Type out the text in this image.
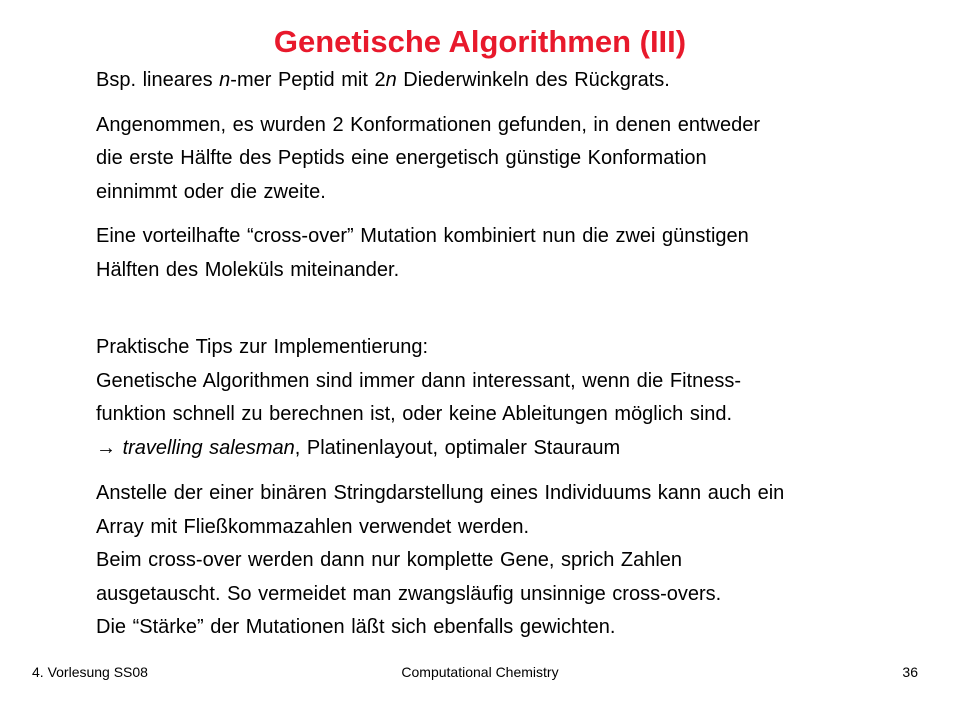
Genetische Algorithmen (III)

Bsp. lineares n-mer Peptid mit 2n Diederwinkeln des Rückgrats.

Angenommen, es wurden 2 Konformationen gefunden, in denen entweder

die erste Hälfte des Peptids eine energetisch günstige Konformation

einnimmt oder die zweite.

Eine vorteilhafte “cross-over” Mutation kombiniert nun die zwei günstigen

Hälften des Moleküls miteinander.

Praktische Tips zur Implementierung:

Genetische Algorithmen sind immer dann interessant, wenn die Fitness-

funktion schnell zu berechnen ist, oder keine Ableitungen möglich sind.

→ travelling salesman, Platinenlayout, optimaler Stauraum

Anstelle der einer binären Stringdarstellung eines Individuums kann auch ein

Array mit Fließkommazahlen verwendet werden.

Beim cross-over werden dann nur komplette Gene, sprich Zahlen

ausgetauscht. So vermeidet man zwangsläufig unsinnige cross-overs.

Die “Stärke” der Mutationen läßt sich ebenfalls gewichten.

4. Vorlesung SS08	Computational Chemistry	36
